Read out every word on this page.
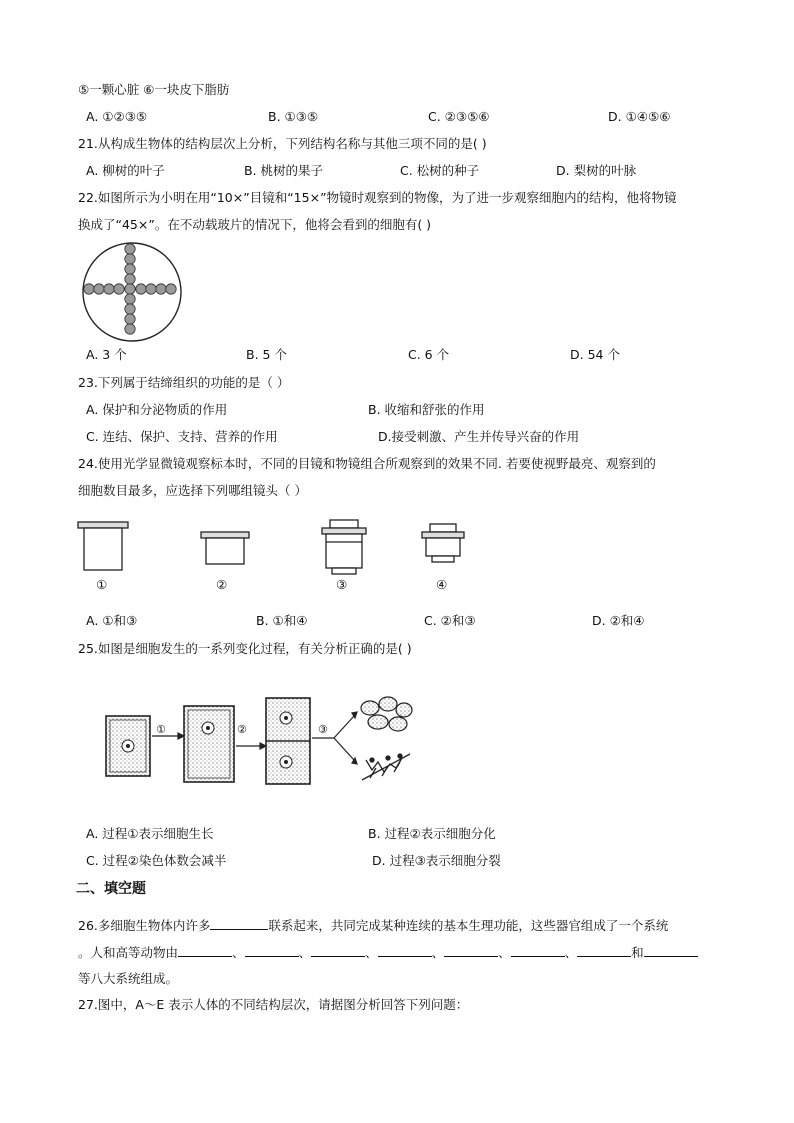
⑤一颗心脏 ⑥一块皮下脂肪
A. ①②③⑤	B. ①③⑤	C. ②③⑤⑥	D. ①④⑤⑥
21.从构成生物体的结构层次上分析，下列结构名称与其他三项不同的是( )
A. 柳树的叶子	B. 桃树的果子	C. 松树的种子	D. 梨树的叶脉
22.如图所示为小明在用“10×”目镜和“15×”物镜时观察到的物像，为了进一步观察细胞内的结构，他将物镜
换成了“45×”。在不动载玻片的情况下，他将会看到的细胞有( )
A. 3 个	B. 5 个	C. 6 个	D. 54 个
23.下列属于结缔组织的功能的是（ ）
A. 保护和分泌物质的作用	B. 收缩和舒张的作用
C. 连结、保护、支持、营养的作用	D.接受刺激、产生并传导兴奋的作用
24.使用光学显微镜观察标本时，不同的目镜和物镜组合所观察到的效果不同. 若要使视野最亮、观察到的
细胞数目最多，应选择下列哪组镜头（ ）
①	②	③	④
A. ①和③	B. ①和④	C. ②和③	D. ②和④
25.如图是细胞发生的一系列变化过程，有关分析正确的是( )
①	②	③
A. 过程①表示细胞生长	B. 过程②表示细胞分化
C. 过程②染色体数会减半	D. 过程③表示细胞分裂
二、填空题
26.多细胞生物体内许多	联系起来，共同完成某种连续的基本生理功能，这些器官组成了一个系统
。人和高等动物由	、	、	、	、	、	、	和
等八大系统组成。
27.图中，A～E 表示人体的不同结构层次，请据图分析回答下列问题：
